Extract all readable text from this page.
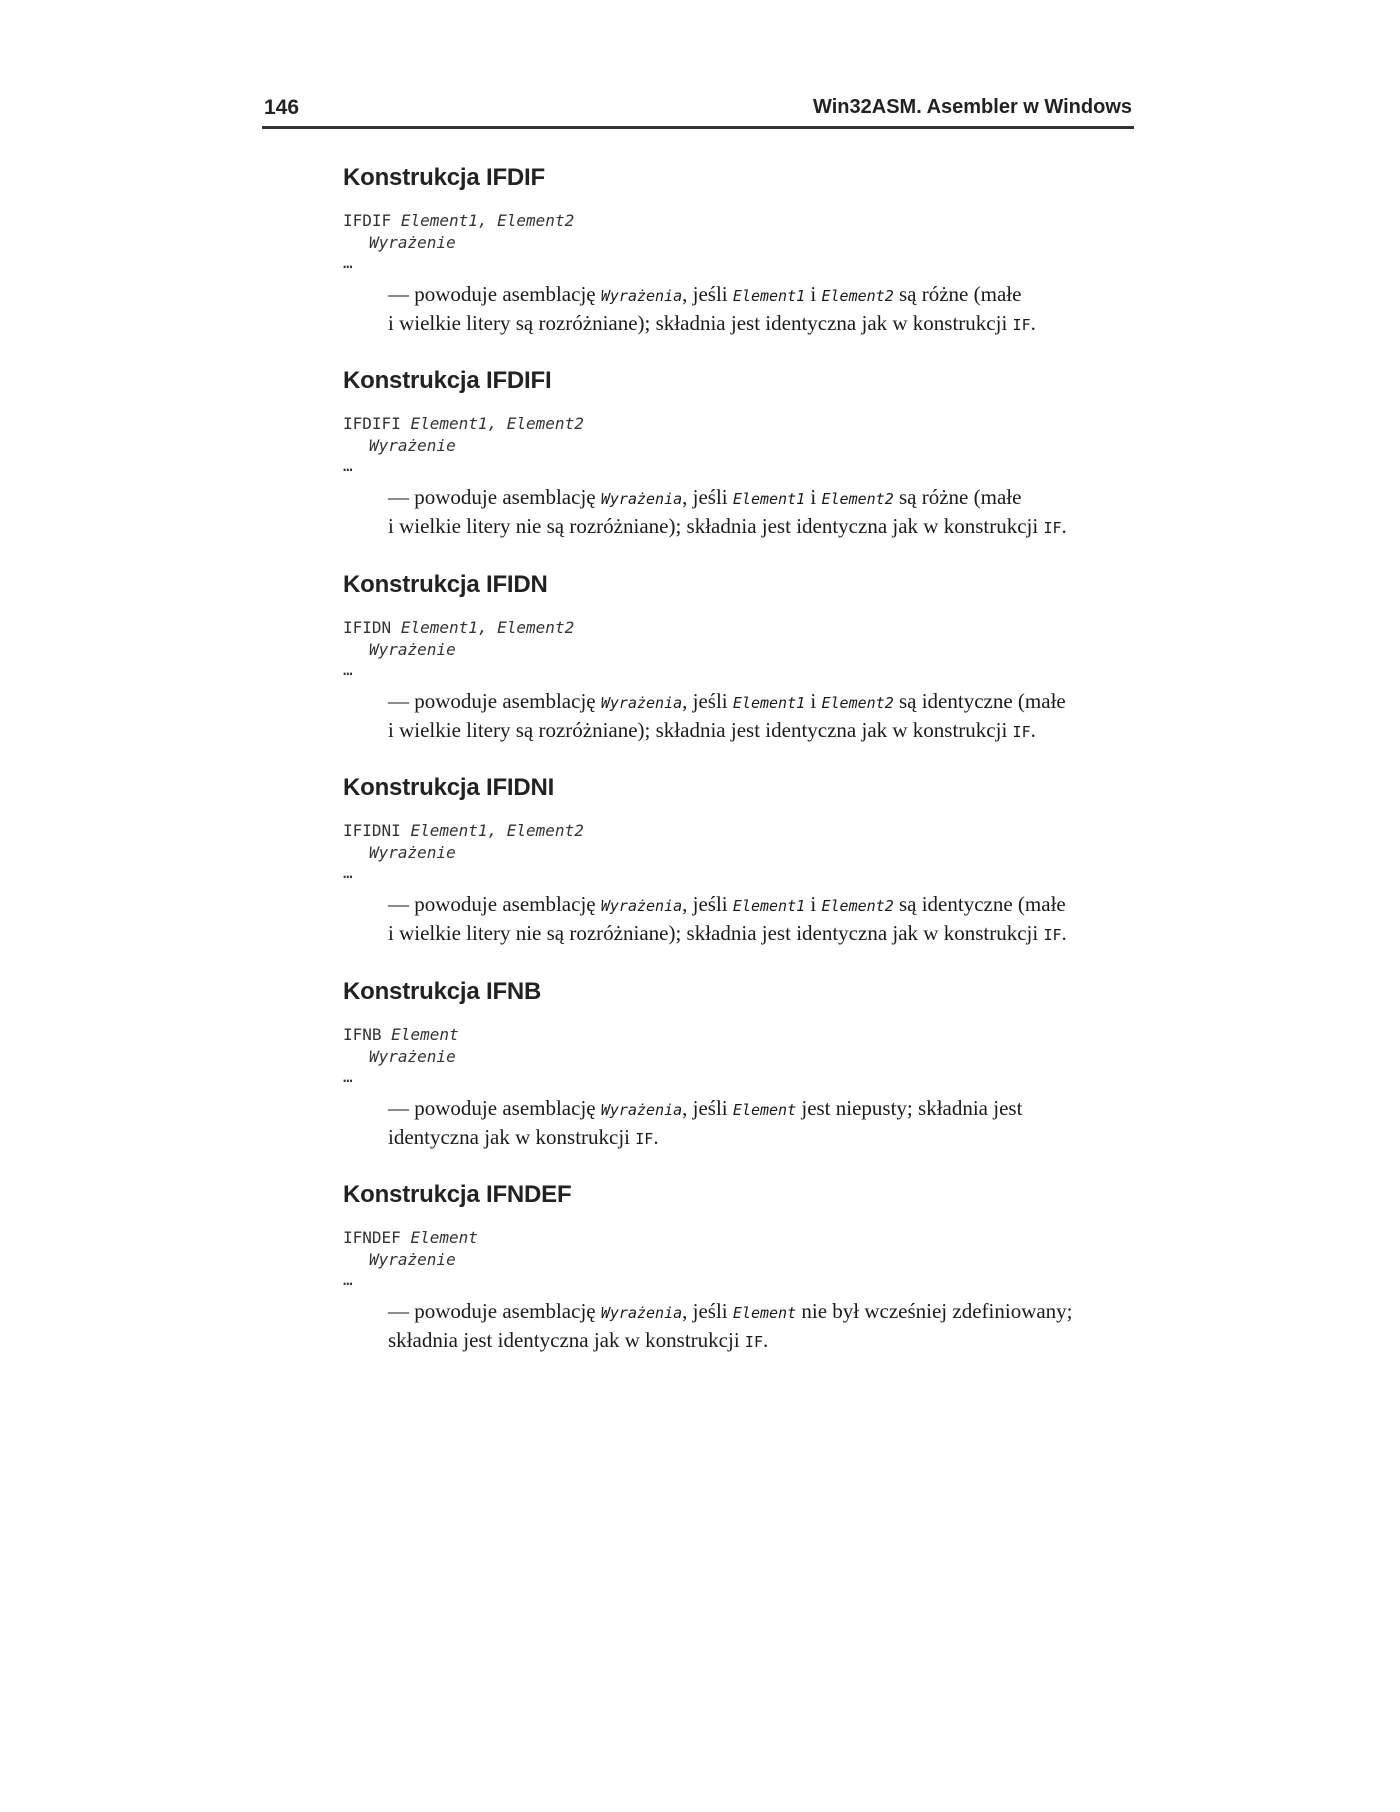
146	Win32ASM. Asembler w Windows
Konstrukcja IFDIF
IFDIF Element1, Element2
Wyrażenie
…

— powoduje asemblację Wyrażenia, jeśli Element1 i Element2 są różne (małe
i wielkie litery są rozróżniane); składnia jest identyczna jak w konstrukcji IF.

Konstrukcja IFDIFI
IFDIFI Element1, Element2
Wyrażenie
…

— powoduje asemblację Wyrażenia, jeśli Element1 i Element2 są różne (małe
i wielkie litery nie są rozróżniane); składnia jest identyczna jak w konstrukcji IF.

Konstrukcja IFIDN
IFIDN Element1, Element2
Wyrażenie
…

— powoduje asemblację Wyrażenia, jeśli Element1 i Element2 są identyczne (małe
i wielkie litery są rozróżniane); składnia jest identyczna jak w konstrukcji IF.

Konstrukcja IFIDNI
IFIDNI Element1, Element2
Wyrażenie
…

— powoduje asemblację Wyrażenia, jeśli Element1 i Element2 są identyczne (małe
i wielkie litery nie są rozróżniane); składnia jest identyczna jak w konstrukcji IF.

Konstrukcja IFNB
IFNB Element
Wyrażenie
…

— powoduje asemblację Wyrażenia, jeśli Element jest niepusty; składnia jest
identyczna jak w konstrukcji IF.

Konstrukcja IFNDEF
IFNDEF Element
Wyrażenie
…

— powoduje asemblację Wyrażenia, jeśli Element nie był wcześniej zdefiniowany;
składnia jest identyczna jak w konstrukcji IF.
